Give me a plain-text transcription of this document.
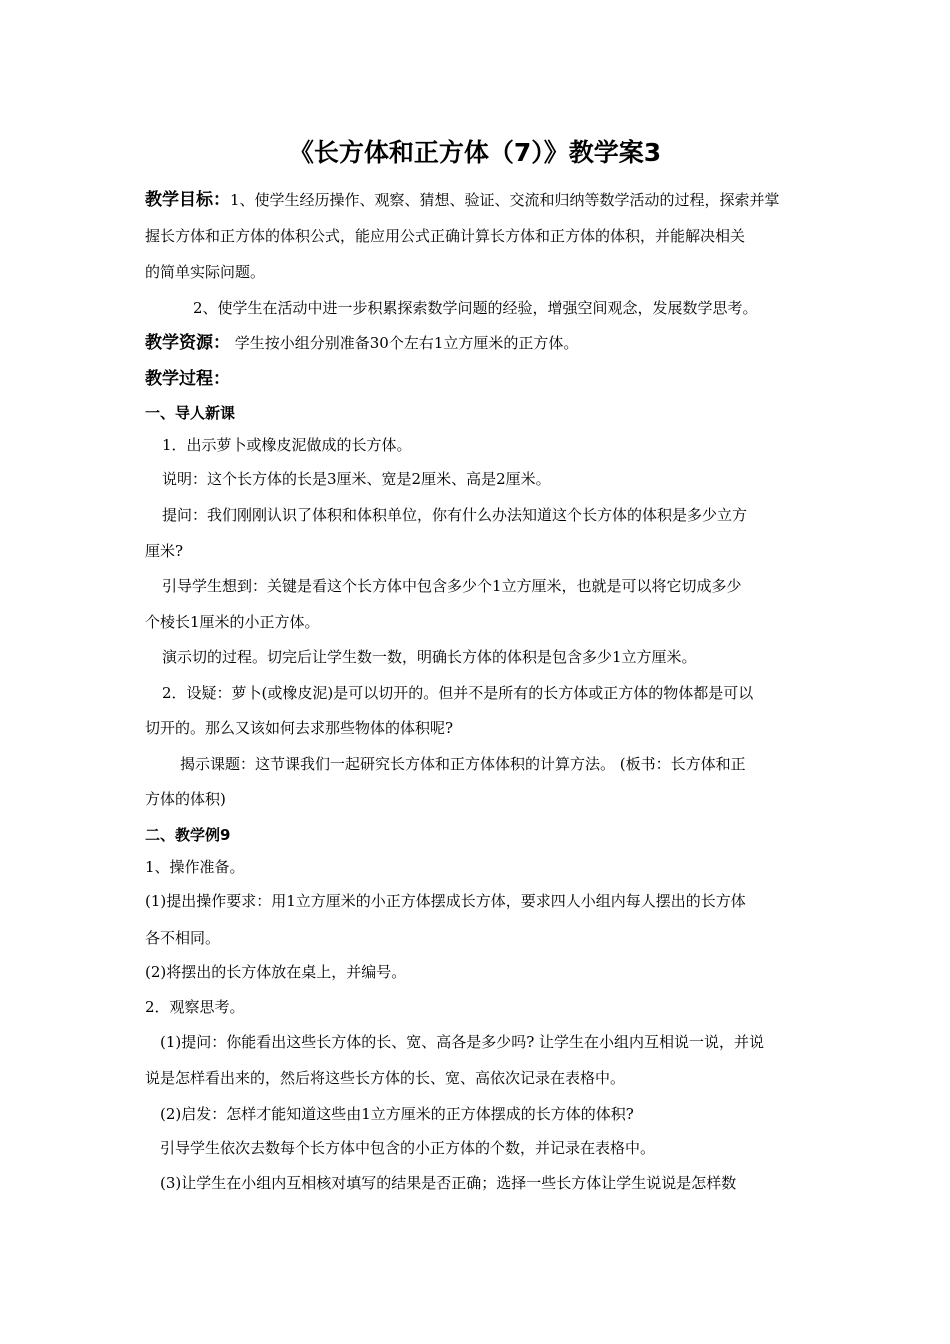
《长方体和正方体（7）》教学案3
教学目标：1、使学生经历操作、观察、猜想、验证、交流和归纳等数学活动的过程，探索并掌
握长方体和正方体的体积公式，能应用公式正确计算长方体和正方体的体积，并能解决相关
的简单实际问题。
2、使学生在活动中进一步积累探索数学问题的经验，增强空间观念，发展数学思考。
教学资源： 学生按小组分别准备30个左右1立方厘米的正方体。
教学过程：
一、导人新课
1．出示萝卜或橡皮泥做成的长方体。
说明：这个长方体的长是3厘米、宽是2厘米、高是2厘米。
提问：我们刚刚认识了体积和体积单位，你有什么办法知道这个长方体的体积是多少立方
厘米?
引导学生想到：关键是看这个长方体中包含多少个1立方厘米，也就是可以将它切成多少
个棱长1厘米的小正方体。
演示切的过程。切完后让学生数一数，明确长方体的体积是包含多少1立方厘米。
2．设疑：萝卜(或橡皮泥)是可以切开的。但并不是所有的长方体或正方体的物体都是可以
切开的。那么又该如何去求那些物体的体积呢?
揭示课题：这节课我们一起研究长方体和正方体体积的计算方法。 (板书：长方体和正
方体的体积)
二、教学例9
1、操作准备。
(1)提出操作要求：用1立方厘米的小正方体摆成长方体，要求四人小组内每人摆出的长方体
各不相同。
(2)将摆出的长方体放在桌上，并编号。
2．观察思考。
(1)提问：你能看出这些长方体的长、宽、高各是多少吗? 让学生在小组内互相说一说，并说
说是怎样看出来的，然后将这些长方体的长、宽、高依次记录在表格中。
(2)启发：怎样才能知道这些由1立方厘米的正方体摆成的长方体的体积?
引导学生依次去数每个长方体中包含的小正方体的个数，并记录在表格中。
(3)让学生在小组内互相核对填写的结果是否正确；选择一些长方体让学生说说是怎样数
